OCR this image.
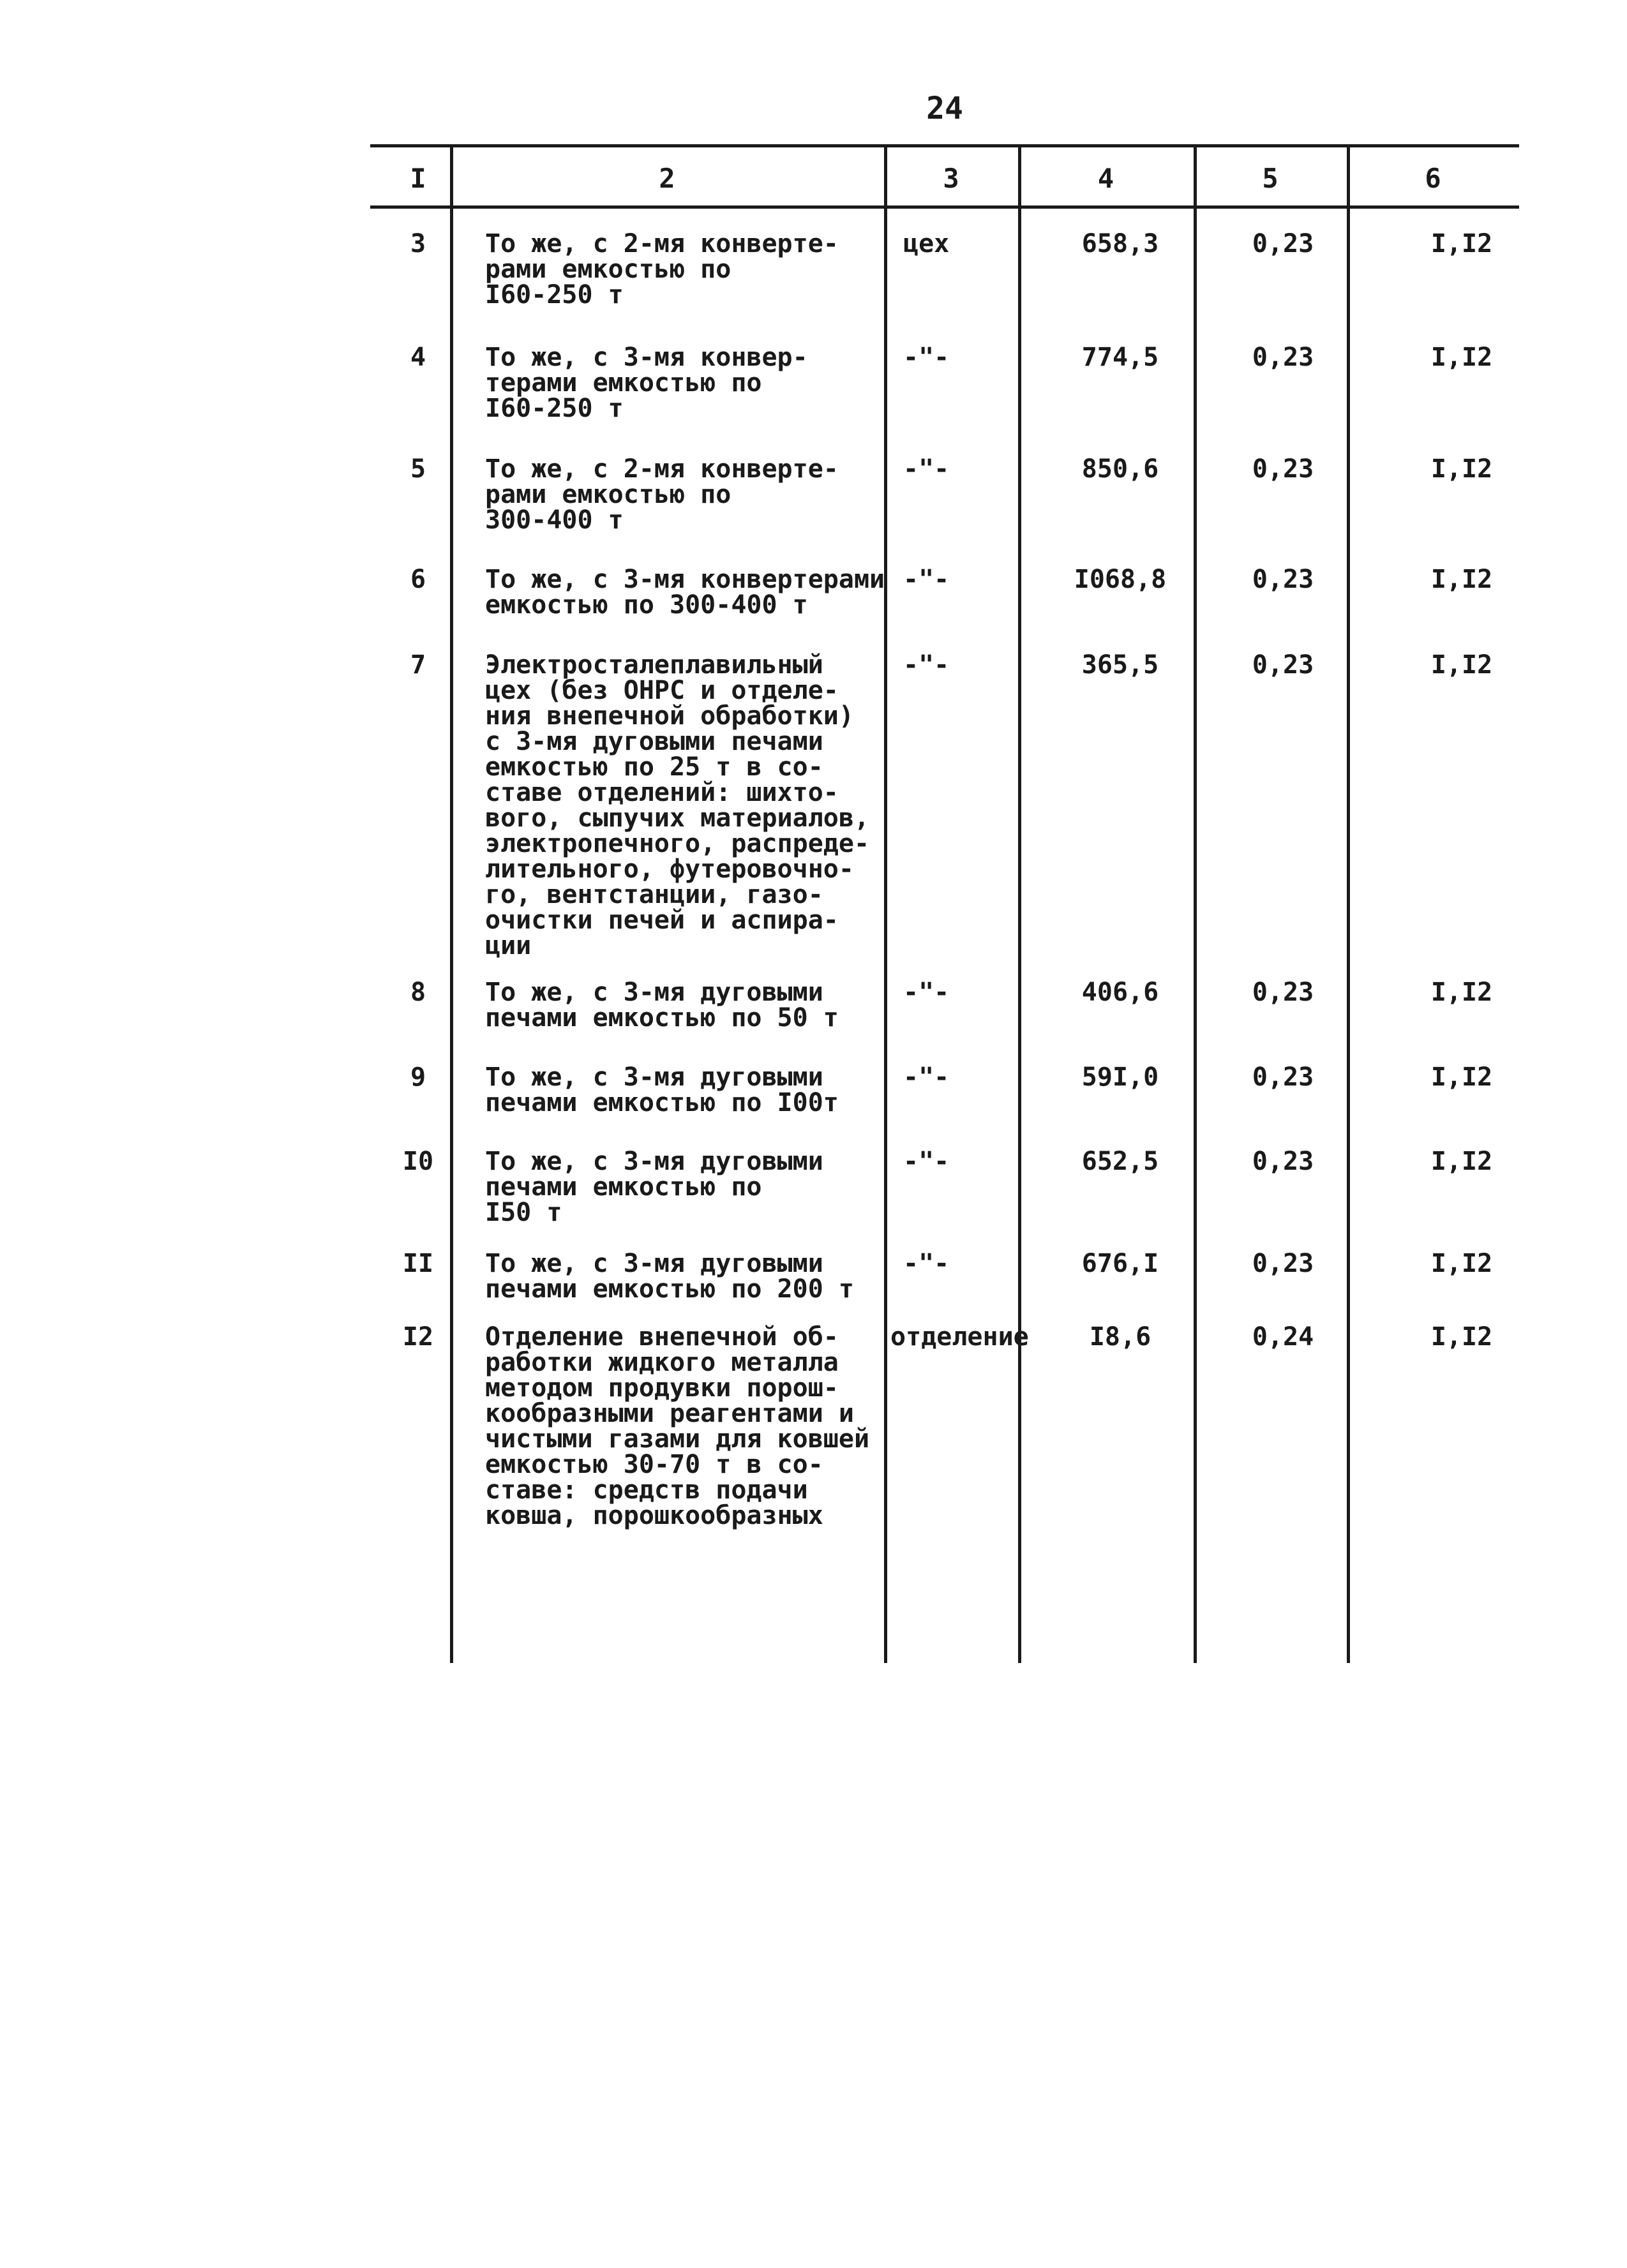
24
I	2	3	4	5	6
3	То же, с 2-мя конверте-
рами емкостью по
I60-250 т
цех	658,3	0,23	I,I2
4	То же, с 3-мя конвер-
терами емкостью по
I60-250 т
-"-	774,5	0,23	I,I2
5	То же, с 2-мя конверте-
рами емкостью по
300-400 т
-"-	850,6	0,23	I,I2
6	То же, с 3-мя конвертерами
емкостью по 300-400 т
-"-	I068,8	0,23	I,I2
7	Электросталеплавильный
цех (без ОНРС и отделе-
ния внепечной обработки)
с 3-мя дуговыми печами
емкостью по 25 т в со-
ставе отделений: шихто-
вого, сыпучих материалов,
электропечного, распреде-
лительного, футеровочно-
го, вентстанции, газо-
очистки печей и аспира-
ции
-"-	365,5	0,23	I,I2
8	То же, с 3-мя дуговыми
печами емкостью по 50 т
-"-	406,6	0,23	I,I2
9	То же, с 3-мя дуговыми
печами емкостью по I00т
-"-	59I,0	0,23	I,I2
I0	То же, с 3-мя дуговыми
печами емкостью по
I50 т
-"-	652,5	0,23	I,I2
II	То же, с 3-мя дуговыми
печами емкостью по 200 т
-"-	676,I	0,23	I,I2
I2	Отделение внепечной об-
работки жидкого металла
методом продувки порош-
кообразными реагентами и
чистыми газами для ковшей
емкостью 30-70 т в со-
ставе: средств подачи
ковша, порошкообразных
отделение	I8,6	0,24	I,I2
